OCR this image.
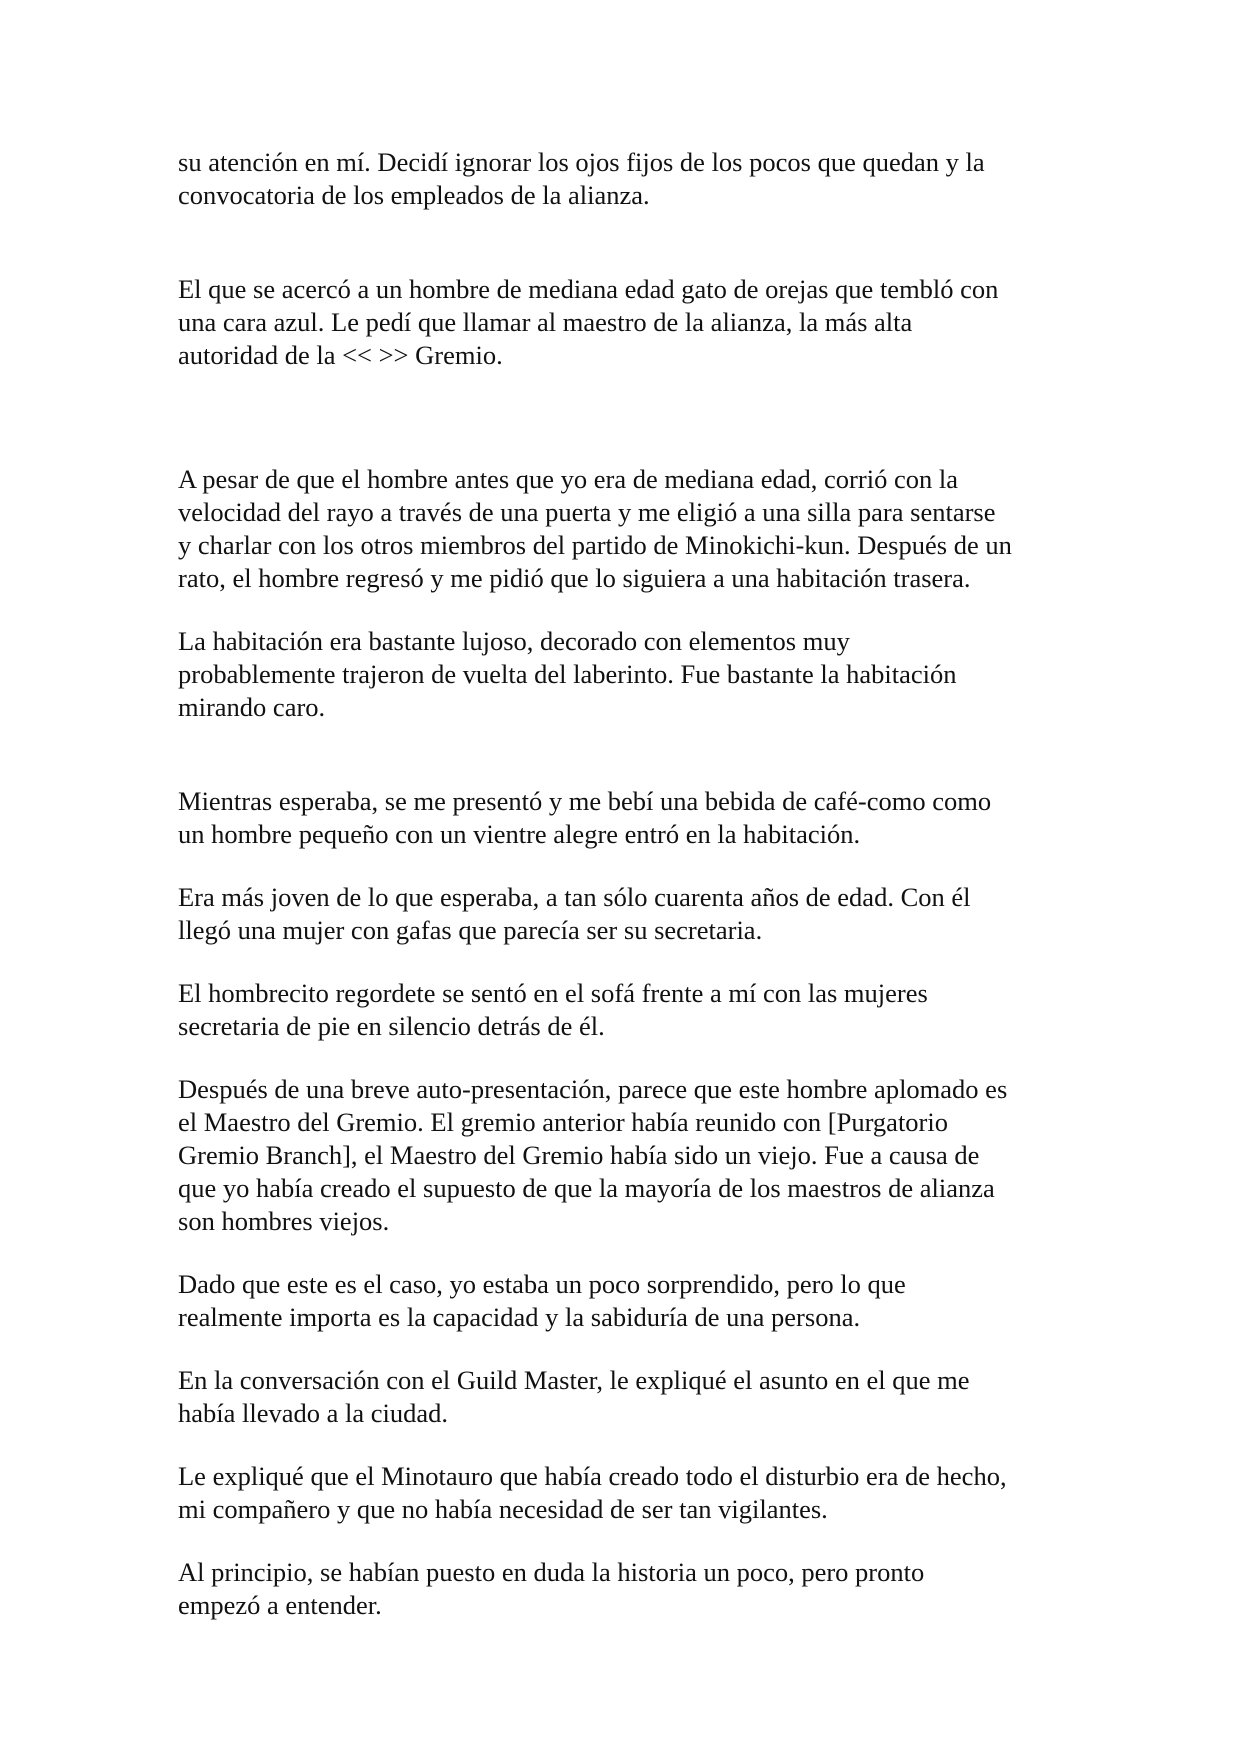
su atención en mí. Decidí ignorar los ojos fijos de los pocos que quedan y la
convocatoria de los empleados de la alianza.

El que se acercó a un hombre de mediana edad gato de orejas que tembló con
una cara azul. Le pedí que llamar al maestro de la alianza, la más alta
autoridad de la << >> Gremio.

A pesar de que el hombre antes que yo era de mediana edad, corrió con la
velocidad del rayo a través de una puerta y me eligió a una silla para sentarse
y charlar con los otros miembros del partido de Minokichi-kun. Después de un
rato, el hombre regresó y me pidió que lo siguiera a una habitación trasera.

La habitación era bastante lujoso, decorado con elementos muy
probablemente trajeron de vuelta del laberinto. Fue bastante la habitación
mirando caro.

Mientras esperaba, se me presentó y me bebí una bebida de café-como como
un hombre pequeño con un vientre alegre entró en la habitación.

Era más joven de lo que esperaba, a tan sólo cuarenta años de edad. Con él
llegó una mujer con gafas que parecía ser su secretaria.

El hombrecito regordete se sentó en el sofá frente a mí con las mujeres
secretaria de pie en silencio detrás de él.

Después de una breve auto-presentación, parece que este hombre aplomado es
el Maestro del Gremio. El gremio anterior había reunido con [Purgatorio
Gremio Branch], el Maestro del Gremio había sido un viejo. Fue a causa de
que yo había creado el supuesto de que la mayoría de los maestros de alianza
son hombres viejos.

Dado que este es el caso, yo estaba un poco sorprendido, pero lo que
realmente importa es la capacidad y la sabiduría de una persona.

En la conversación con el Guild Master, le expliqué el asunto en el que me
había llevado a la ciudad.

Le expliqué que el Minotauro que había creado todo el disturbio era de hecho,
mi compañero y que no había necesidad de ser tan vigilantes.

Al principio, se habían puesto en duda la historia un poco, pero pronto
empezó a entender.
